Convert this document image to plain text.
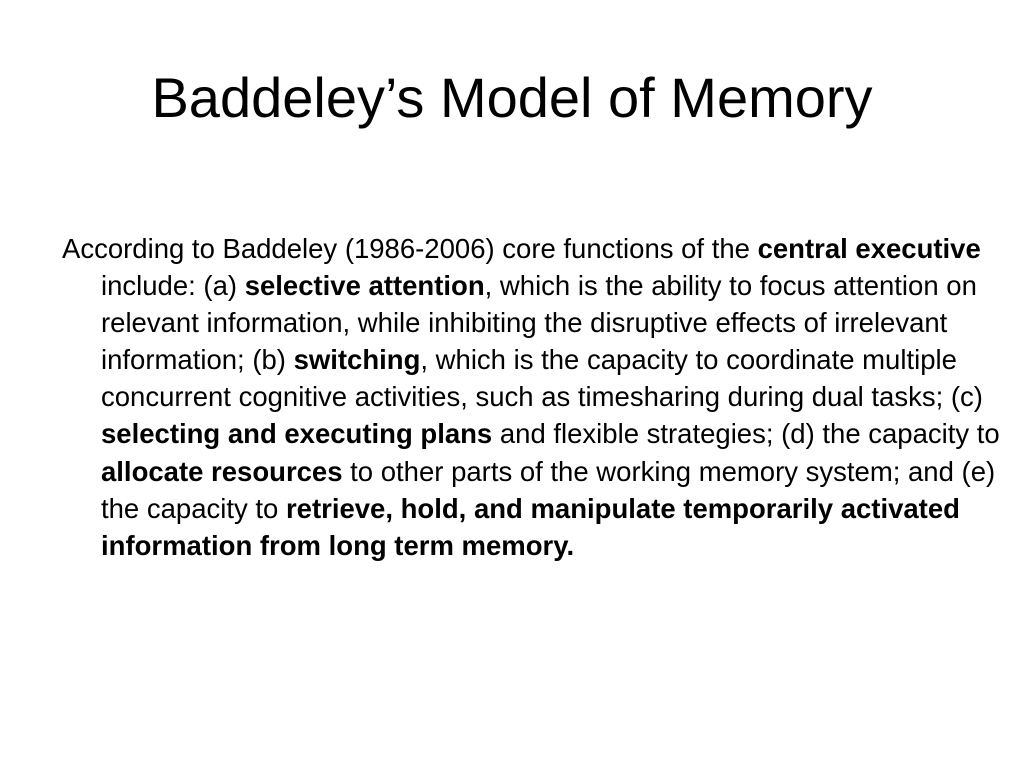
Baddeley’s Model of Memory

According to Baddeley (1986-2006) core functions of the central executive include: (a) selective attention, which is the ability to focus attention on relevant information, while inhibiting the disruptive effects of irrelevant information; (b) switching, which is the capacity to coordinate multiple concurrent cognitive activities, such as timesharing during dual tasks; (c) selecting and executing plans and flexible strategies; (d) the capacity to allocate resources to other parts of the working memory system; and (e) the capacity to retrieve, hold, and manipulate temporarily activated information from long term memory.
